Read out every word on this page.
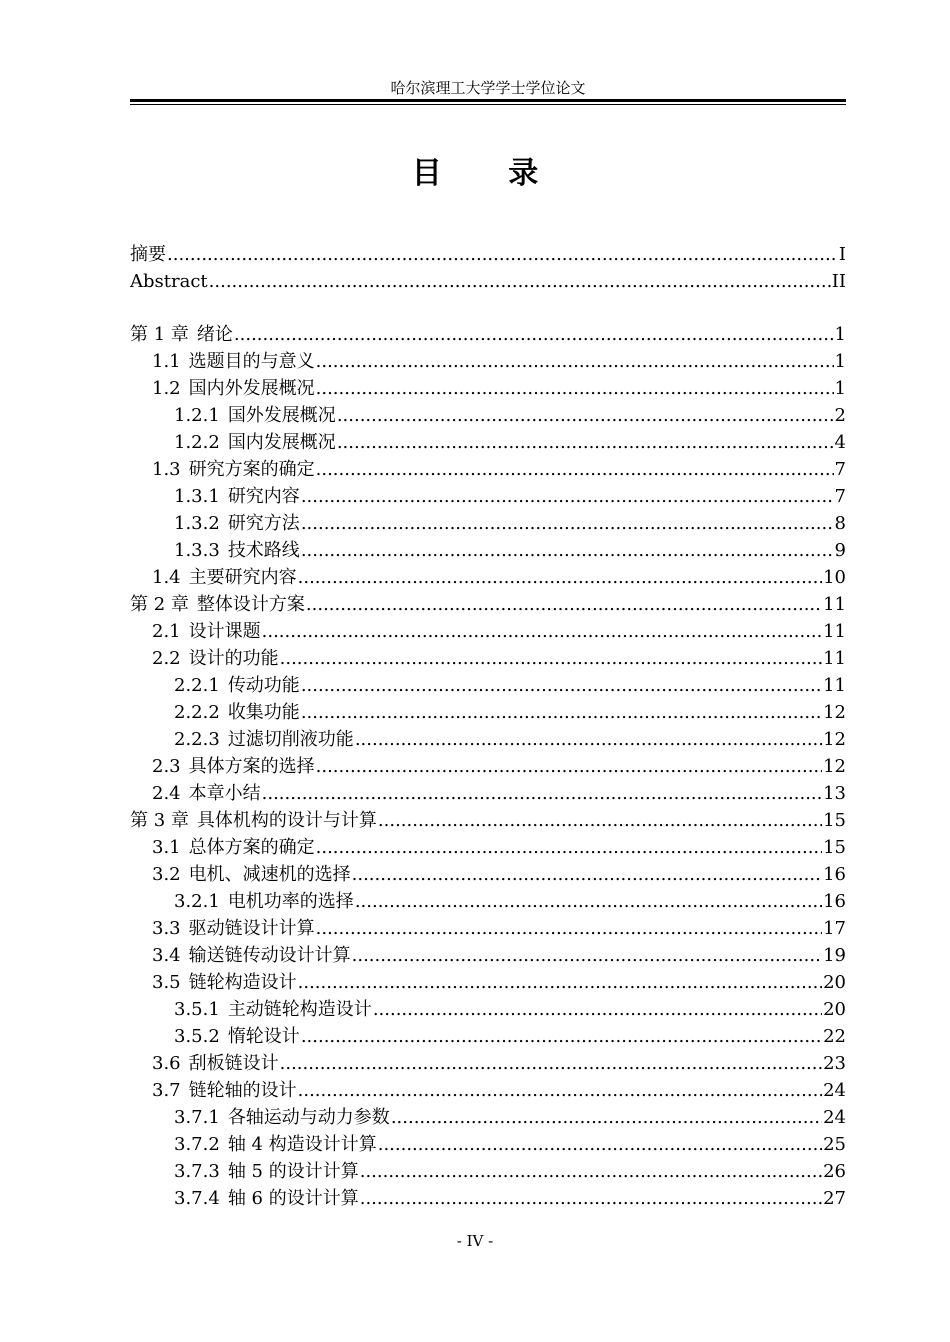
哈尔滨理工大学学士学位论文
目 录
摘要 .....	I
Abstract .....	II
第 1 章 绪论 .....	1
1.1 选题目的与意义 .....	1
1.2 国内外发展概况 .....	1
1.2.1 国外发展概况 .....	2
1.2.2 国内发展概况 .....	4
1.3 研究方案的确定 .....	7
1.3.1 研究内容 .....	7
1.3.2 研究方法 .....	8
1.3.3 技术路线 .....	9
1.4 主要研究内容 .....	10
第 2 章 整体设计方案 .....	11
2.1 设计课题 .....	11
2.2 设计的功能 .....	11
2.2.1 传动功能 .....	11
2.2.2 收集功能 .....	12
2.2.3 过滤切削液功能 .....	12
2.3 具体方案的选择 .....	12
2.4 本章小结 .....	13
第 3 章 具体机构的设计与计算 .....	15
3.1 总体方案的确定 .....	15
3.2 电机、减速机的选择 .....	16
3.2.1 电机功率的选择 .....	16
3.3 驱动链设计计算 .....	17
3.4 输送链传动设计计算 .....	19
3.5 链轮构造设计 .....	20
3.5.1 主动链轮构造设计 .....	20
3.5.2 惰轮设计 .....	22
3.6 刮板链设计 .....	23
3.7 链轮轴的设计 .....	24
3.7.1 各轴运动与动力参数 .....	24
3.7.2 轴 4 构造设计计算 .....	25
3.7.3 轴 5 的设计计算 .....	26
3.7.4 轴 6 的设计计算 .....	27
- IV -
